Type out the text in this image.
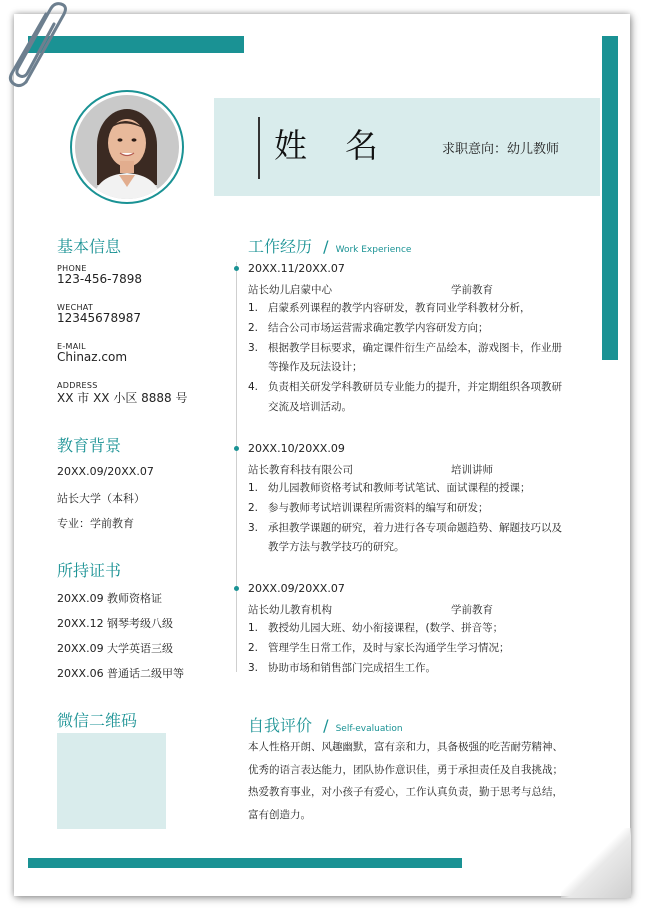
姓名 求职意向：幼儿教师
基本信息
PHONE
123-456-7898
WECHAT
12345678987
E-MAIL
Chinaz.com
ADDRESS
XX 市 XX 小区 8888 号
教育背景
20XX.09/20XX.07
站长大学（本科）
专业：学前教育
所持证书
20XX.09 教师资格证
20XX.12 钢琴考级八级
20XX.09 大学英语三级
20XX.06 普通话二级甲等
微信二维码
工作经历 / Work Experience
20XX.11/20XX.07
站长幼儿启蒙中心	学前教育
1. 启蒙系列课程的教学内容研发，教育同业学科教材分析，
2. 结合公司市场运营需求确定教学内容研发方向；
3. 根据教学目标要求，确定课件衍生产品绘本，游戏图卡，作业册
等操作及玩法设计；
4. 负责相关研发学科教研员专业能力的提升，并定期组织各项教研
交流及培训活动。
20XX.10/20XX.09
站长教育科技有限公司	培训讲师
1. 幼儿园教师资格考试和教师考试笔试、面试课程的授课；
2. 参与教师考试培训课程所需资料的编写和研发；
3. 承担教学课题的研究，着力进行各专项命题趋势、解题技巧以及
教学方法与教学技巧的研究。
20XX.09/20XX.07
站长幼儿教育机构	学前教育
1. 教授幼儿园大班、幼小衔接课程，(数学、拼音等；
2. 管理学生日常工作，及时与家长沟通学生学习情况；
3. 协助市场和销售部门完成招生工作。
自我评价 / Self-evaluation
本人性格开朗、风趣幽默，富有亲和力，具备极强的吃苦耐劳精神、
优秀的语言表达能力，团队协作意识佳，勇于承担责任及自我挑战；
热爱教育事业，对小孩子有爱心，工作认真负责，勤于思考与总结，
富有创造力。
